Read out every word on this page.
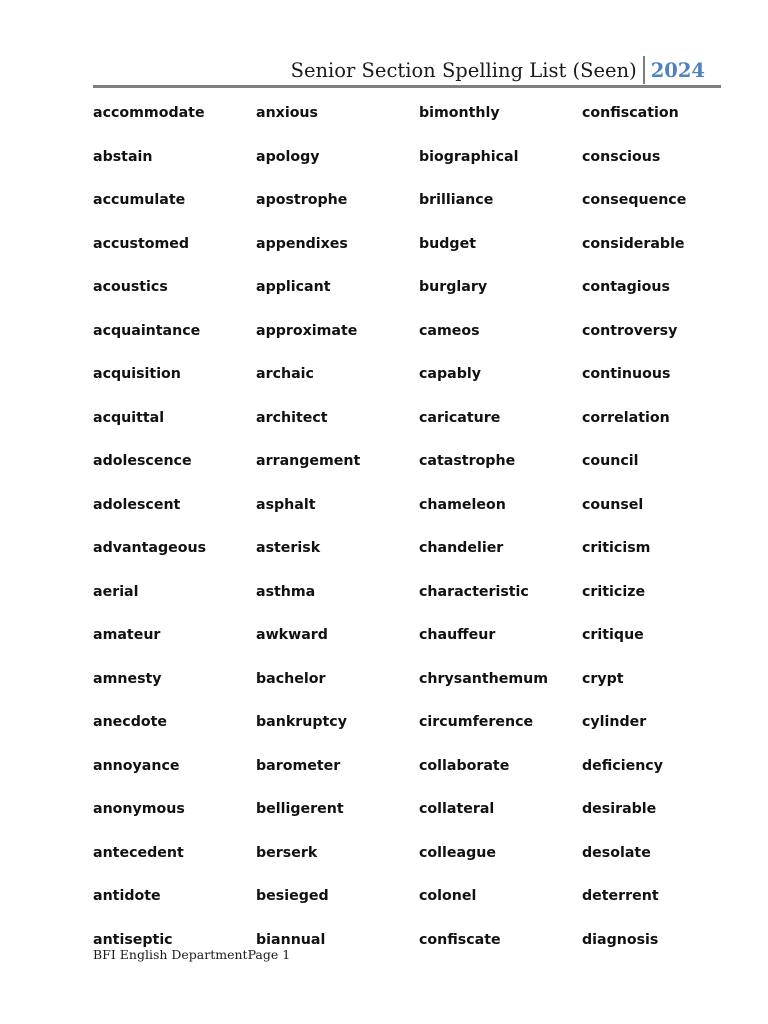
Senior Section Spelling List (Seen) 2024
accommodate	anxious	bimonthly	confiscation
abstain	apology	biographical	conscious
accumulate	apostrophe	brilliance	consequence
accustomed	appendixes	budget	considerable
acoustics	applicant	burglary	contagious
acquaintance	approximate	cameos	controversy
acquisition	archaic	capably	continuous
acquittal	architect	caricature	correlation
adolescence	arrangement	catastrophe	council
adolescent	asphalt	chameleon	counsel
advantageous	asterisk	chandelier	criticism
aerial	asthma	characteristic	criticize
amateur	awkward	chauffeur	critique
amnesty	bachelor	chrysanthemum	crypt
anecdote	bankruptcy	circumference	cylinder
annoyance	barometer	collaborate	deficiency
anonymous	belligerent	collateral	desirable
antecedent	berserk	colleague	desolate
antidote	besieged	colonel	deterrent
antiseptic	biannual	confiscate	diagnosis
BFI English DepartmentPage 1
